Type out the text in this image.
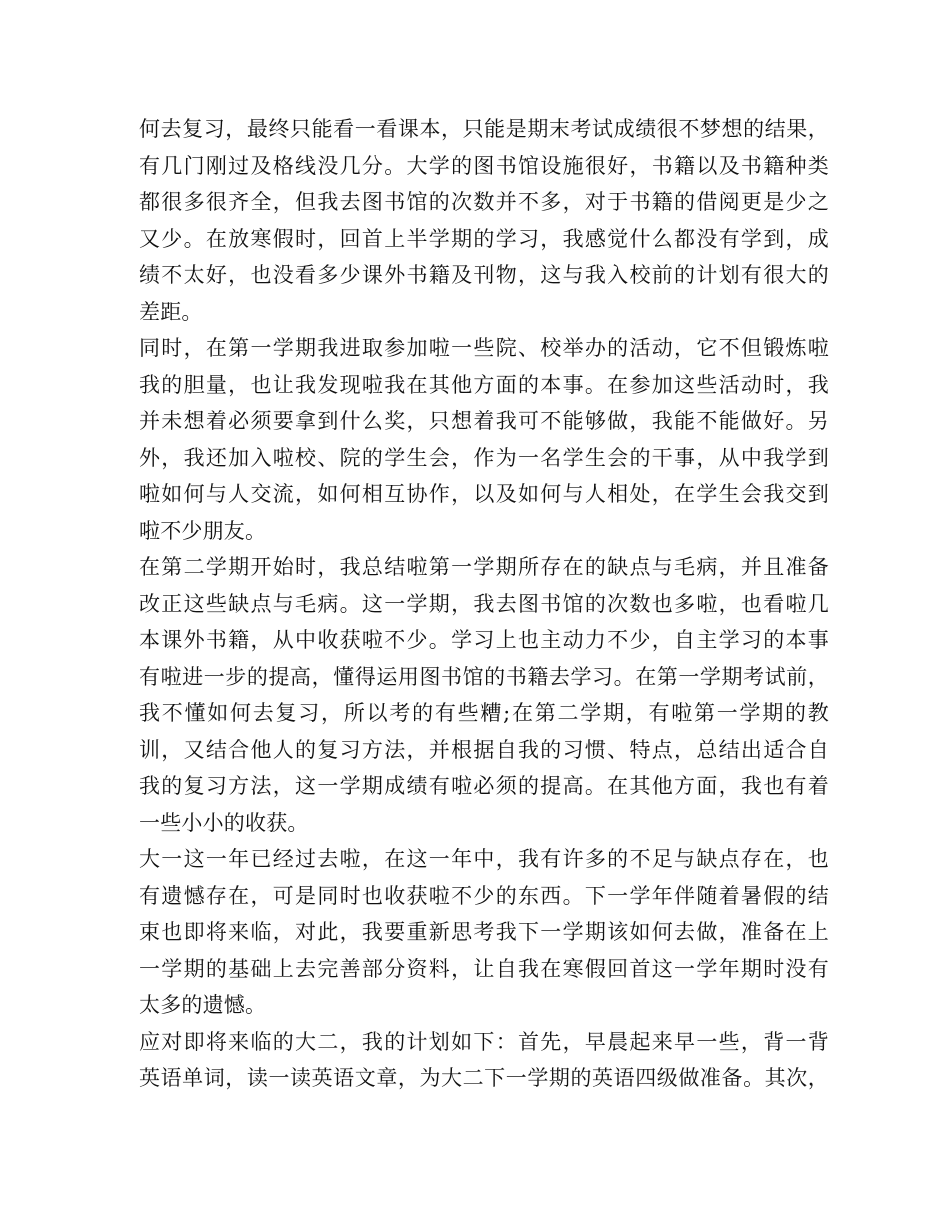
何去复习，最终只能看一看课本，只能是期末考试成绩很不梦想的结果，
有几门刚过及格线没几分。大学的图书馆设施很好，书籍以及书籍种类
都很多很齐全，但我去图书馆的次数并不多，对于书籍的借阅更是少之
又少。在放寒假时，回首上半学期的学习，我感觉什么都没有学到，成
绩不太好，也没看多少课外书籍及刊物，这与我入校前的计划有很大的
差距。
同时，在第一学期我进取参加啦一些院、校举办的活动，它不但锻炼啦
我的胆量，也让我发现啦我在其他方面的本事。在参加这些活动时，我
并未想着必须要拿到什么奖，只想着我可不能够做，我能不能做好。另
外，我还加入啦校、院的学生会，作为一名学生会的干事，从中我学到
啦如何与人交流，如何相互协作，以及如何与人相处，在学生会我交到
啦不少朋友。
在第二学期开始时，我总结啦第一学期所存在的缺点与毛病，并且准备
改正这些缺点与毛病。这一学期，我去图书馆的次数也多啦，也看啦几
本课外书籍，从中收获啦不少。学习上也主动力不少，自主学习的本事
有啦进一步的提高，懂得运用图书馆的书籍去学习。在第一学期考试前，
我不懂如何去复习，所以考的有些糟;在第二学期，有啦第一学期的教
训，又结合他人的复习方法，并根据自我的习惯、特点，总结出适合自
我的复习方法，这一学期成绩有啦必须的提高。在其他方面，我也有着
一些小小的收获。
大一这一年已经过去啦，在这一年中，我有许多的不足与缺点存在，也
有遗憾存在，可是同时也收获啦不少的东西。下一学年伴随着暑假的结
束也即将来临，对此，我要重新思考我下一学期该如何去做，准备在上
一学期的基础上去完善部分资料，让自我在寒假回首这一学年期时没有
太多的遗憾。
应对即将来临的大二，我的计划如下：首先，早晨起来早一些，背一背
英语单词，读一读英语文章，为大二下一学期的英语四级做准备。其次，
